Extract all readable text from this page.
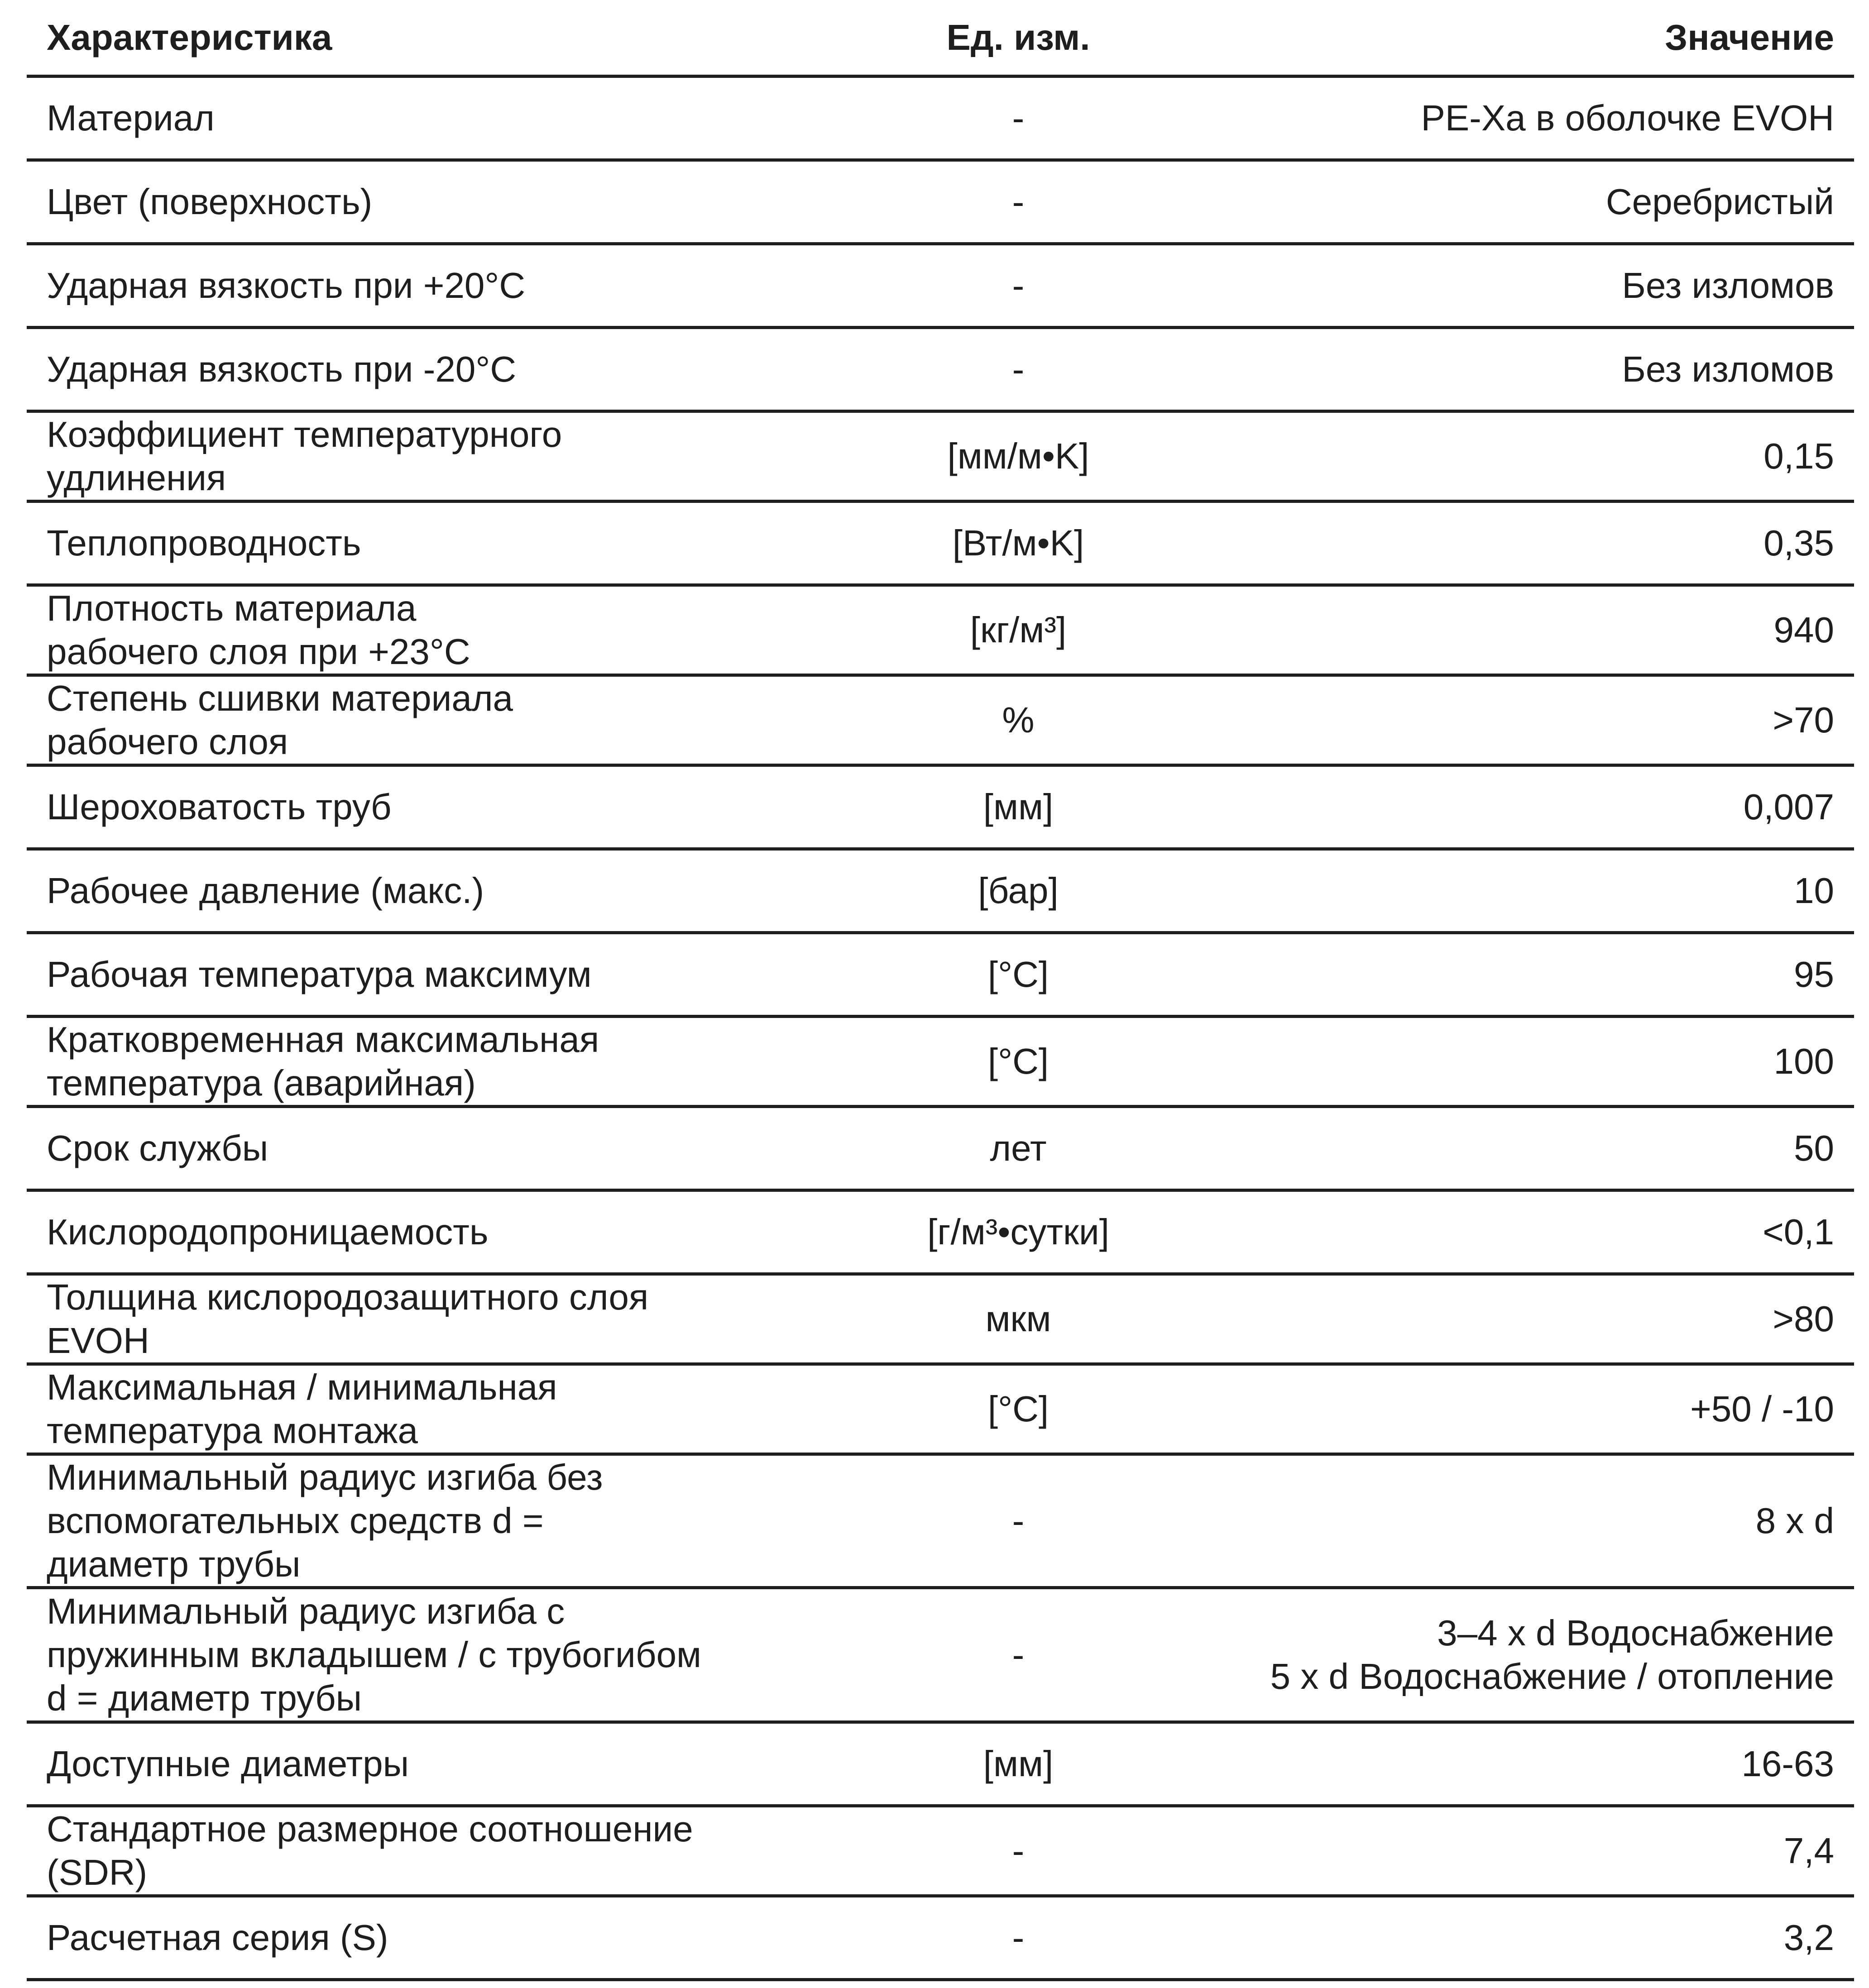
Характеристика	Ед. изм.	Значение
Материал	-	PE-Xa в оболочке EVOH
Цвет (поверхность)	-	Серебристый
Ударная вязкость при +20°C	-	Без изломов
Ударная вязкость при -20°C	-	Без изломов
Коэффициент температурного
удлинения	[мм/м•K]	0,15
Теплопроводность	[Вт/м•K]	0,35
Плотность материала
рабочего слоя при +23°C	[кг/м³]	940
Степень сшивки материала
рабочего слоя	%	>70
Шероховатость труб	[мм]	0,007
Рабочее давление (макс.)	[бар]	10
Рабочая температура максимум	[°C]	95
Кратковременная максимальная
температура (аварийная)	[°C]	100
Срок службы	лет	50
Кислородопроницаемость	[г/м³•сутки]	<0,1
Толщина кислородозащитного слоя
EVOH	мкм	>80
Максимальная / минимальная
температура монтажа	[°C]	+50 / -10
Минимальный радиус изгиба без
вспомогательных средств d =
диаметр трубы	-	8 x d
Минимальный радиус изгиба с
пружинным вкладышем / с трубогибом
d = диаметр трубы	-	3–4 x d Водоснабжение
5 x d Водоснабжение / отопление
Доступные диаметры	[мм]	16-63
Стандартное размерное соотношение
(SDR)	-	7,4
Расчетная серия (S)	-	3,2
